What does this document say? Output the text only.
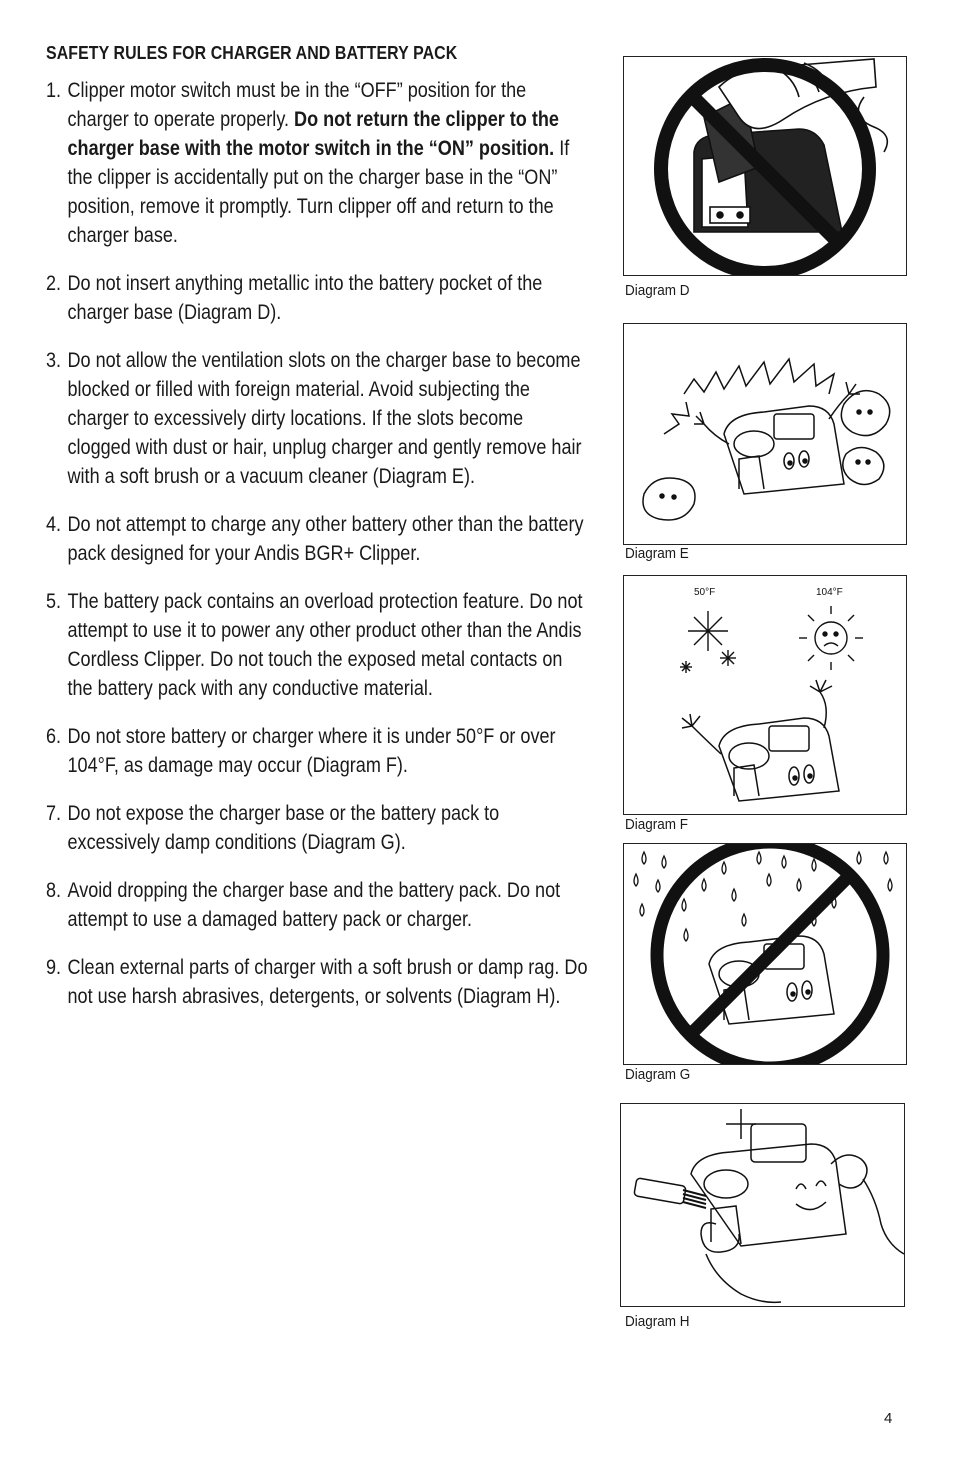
SAFETY RULES FOR CHARGER AND BATTERY PACK
1. Clipper motor switch must be in the “OFF” position for the charger to operate properly. Do not return the clipper to the charger base with the motor switch in the “ON” position. If the clipper is accidentally put on the charger base in the “ON” position, remove it promptly. Turn clipper off and return to the charger base.
2. Do not insert anything metallic into the battery pocket of the charger base (Diagram D).
3. Do not allow the ventilation slots on the charger base to become blocked or filled with foreign material. Avoid subjecting the charger to excessively dirty locations. If the slots become clogged with dust or hair, unplug charger and gently remove hair with a soft brush or a vacuum cleaner (Diagram E).
4. Do not attempt to charge any other battery other than the battery pack designed for your Andis BGR+ Clipper.
5. The battery pack contains an overload protection feature. Do not attempt to use it to power any other product other than the Andis Cordless Clipper. Do not touch the exposed metal contacts on the battery pack with any conductive material.
6. Do not store battery or charger where it is under 50°F or over 104°F, as damage may occur (Diagram F).
7. Do not expose the charger base or the battery pack to excessively damp conditions (Diagram G).
8. Avoid dropping the charger base and the battery pack. Do not attempt to use a damaged battery pack or charger.
9. Clean external parts of charger with a soft brush or damp rag. Do not use harsh abrasives, detergents, or solvents (Diagram H).
Diagram D
Diagram E
50°F	104°F
Diagram F
Diagram G
Diagram H
4
